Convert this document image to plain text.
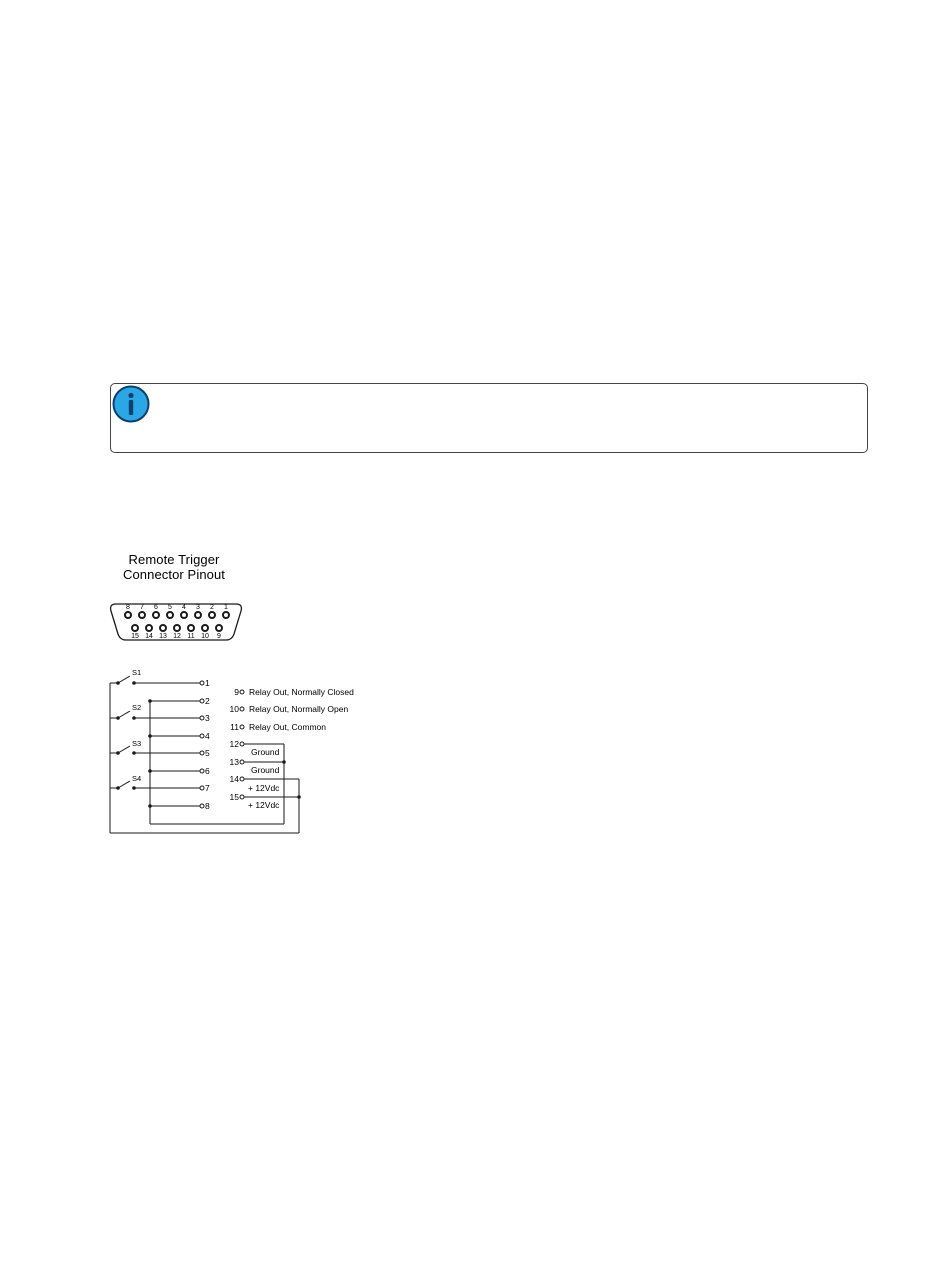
Remote Trigger
Connector Pinout
8 7 6 5 4 3 2 1
15 14 13 12 11 10 9
S1
S2
S3
S4
1
2
3
4
5
6
7
8
9
10
11
12
13
14
15
Relay Out, Normally Closed
Relay Out, Normally Open
Relay Out, Common
Ground
Ground
+ 12Vdc
+ 12Vdc
